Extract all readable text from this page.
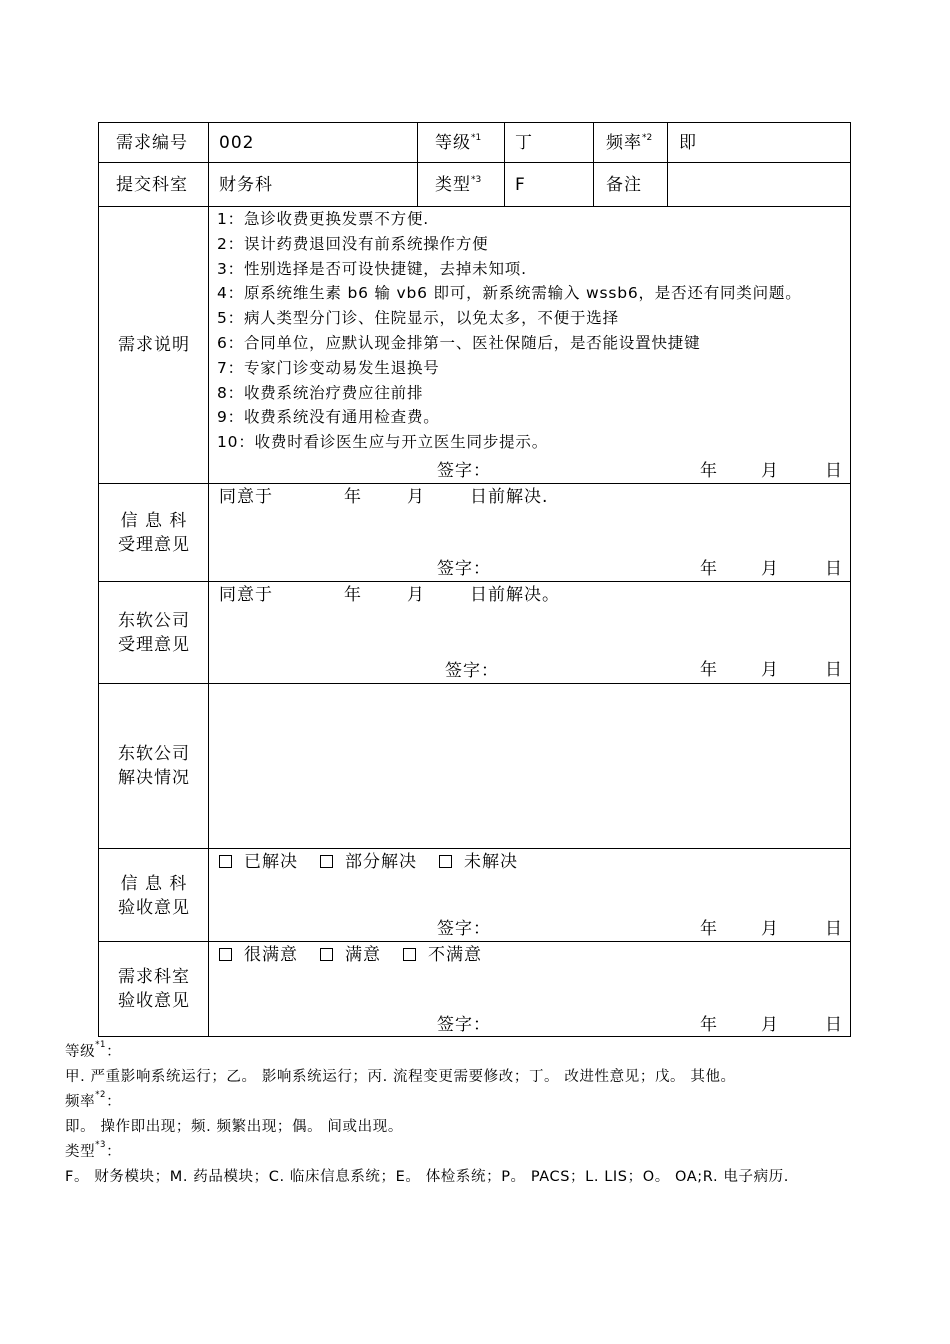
需求编号 002	等级$^{*1}$ 丁	频率$^{*2}$ 即
提交科室 财务科	类型$^{*3}$ F	备注
需求说明
1：急诊收费更换发票不方便.
2：误计药费退回没有前系统操作方便
3：性别选择是否可设快捷键，去掉未知项.
4：原系统维生素 b6 输 vb6 即可，新系统需输入 wssb6，是否还有同类问题。
5：病人类型分门诊、住院显示，以免太多，不便于选择
6：合同单位，应默认现金排第一、医社保随后，是否能设置快捷键
7：专家门诊变动易发生退换号
8：收费系统治疗费应往前排
9：收费系统没有通用检查费。
10：收费时看诊医生应与开立医生同步提示。
签字：	年	月	日
信 息 科
受理意见
同意于	年	月	日前解决.
签字：	年	月	日
东软公司
受理意见
同意于	年	月	日前解决。
签字：	年	月	日
东软公司
解决情况
信 息 科
验收意见
已解决	部分解决	未解决
签字：	年	月	日
需求科室
验收意见
很满意	满意	不满意
签字：	年	月	日
等级$^{*1}$：
甲. 严重影响系统运行；乙。 影响系统运行；丙. 流程变更需要修改；丁。 改进性意见；戊。 其他。
频率$^{*2}$：
即。 操作即出现；频. 频繁出现；偶。 间或出现。
类型$^{*3}$：
F。 财务模块；M. 药品模块；C. 临床信息系统；E。 体检系统；P。 PACS；L. LIS；O。 OA;R. 电子病历.
